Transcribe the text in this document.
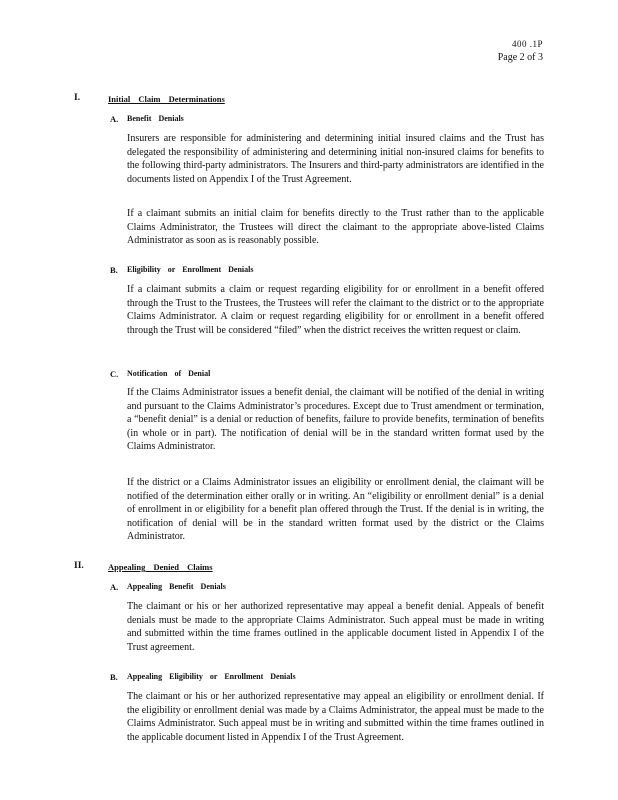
400 .1P
Page 2 of 3
I.	Initial Claim Determinations
A. Benefit Denials

Insurers are responsible for administering and determining initial insured claims and the Trust has delegated the responsibility of administering and determining initial non-insured claims for benefits to the following third-party administrators. The Insurers and third-party administrators are identified in the documents listed on Appendix I of the Trust Agreement.

If a claimant submits an initial claim for benefits directly to the Trust rather than to the applicable Claims Administrator, the Trustees will direct the claimant to the appropriate above-listed Claims Administrator as soon as is reasonably possible.

B. Eligibility or Enrollment Denials

If a claimant submits a claim or request regarding eligibility for or enrollment in a benefit offered through the Trust to the Trustees, the Trustees will refer the claimant to the district or to the appropriate Claims Administrator. A claim or request regarding eligibility for or enrollment in a benefit offered through the Trust will be considered “filed” when the district receives the written request or claim.

C. Notification of Denial

If the Claims Administrator issues a benefit denial, the claimant will be notified of the denial in writing and pursuant to the Claims Administrator’s procedures. Except due to Trust amendment or termination, a “benefit denial” is a denial or reduction of benefits, failure to provide benefits, termination of benefits (in whole or in part). The notification of denial will be in the standard written format used by the Claims Administrator.

If the district or a Claims Administrator issues an eligibility or enrollment denial, the claimant will be notified of the determination either orally or in writing. An “eligibility or enrollment denial” is a denial of enrollment in or eligibility for a benefit plan offered through the Trust. If the denial is in writing, the notification of denial will be in the standard written format used by the district or the Claims Administrator.

II.	Appealing Denied Claims
A. Appealing Benefit Denials

The claimant or his or her authorized representative may appeal a benefit denial. Appeals of benefit denials must be made to the appropriate Claims Administrator. Such appeal must be made in writing and submitted within the time frames outlined in the applicable document listed in Appendix I of the Trust agreement.

B. Appealing Eligibility or Enrollment Denials

The claimant or his or her authorized representative may appeal an eligibility or enrollment denial. If the eligibility or enrollment denial was made by a Claims Administrator, the appeal must be made to the Claims Administrator. Such appeal must be in writing and submitted within the time frames outlined in the applicable document listed in Appendix I of the Trust Agreement.
